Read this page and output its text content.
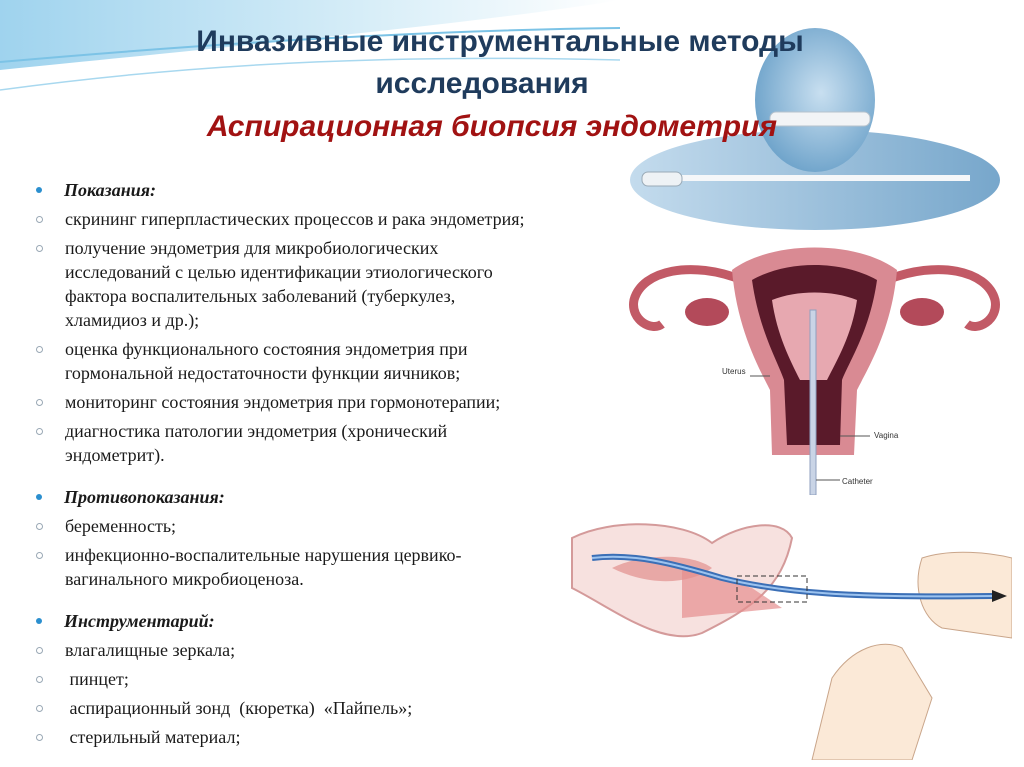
Uterus
Vagina
Catheter
Инвазивные инструментальные методы
исследования
Аспирационная биопсия эндометрия
Показания:
скрининг гиперпластических процессов и рака эндометрия;
получение эндометрия для микробиологических исследований с целью идентификации этиологического фактора воспалительных заболеваний (туберкулез, хламидиоз и др.);
оценка функционального состояния эндометрия при гормональной недостаточности функции яичников;
мониторинг состояния эндометрия при гормонотерапии;
диагностика патологии эндометрия (хронический эндометрит).
Противопоказания:
беременность;
инфекционно-воспалительные нарушения цервико-вагинального микробиоценоза.
Инструментарий:
влагалищные зеркала;
пинцет;
аспирационный зонд  (кюретка)  «Пайпель»;
стерильный материал;
